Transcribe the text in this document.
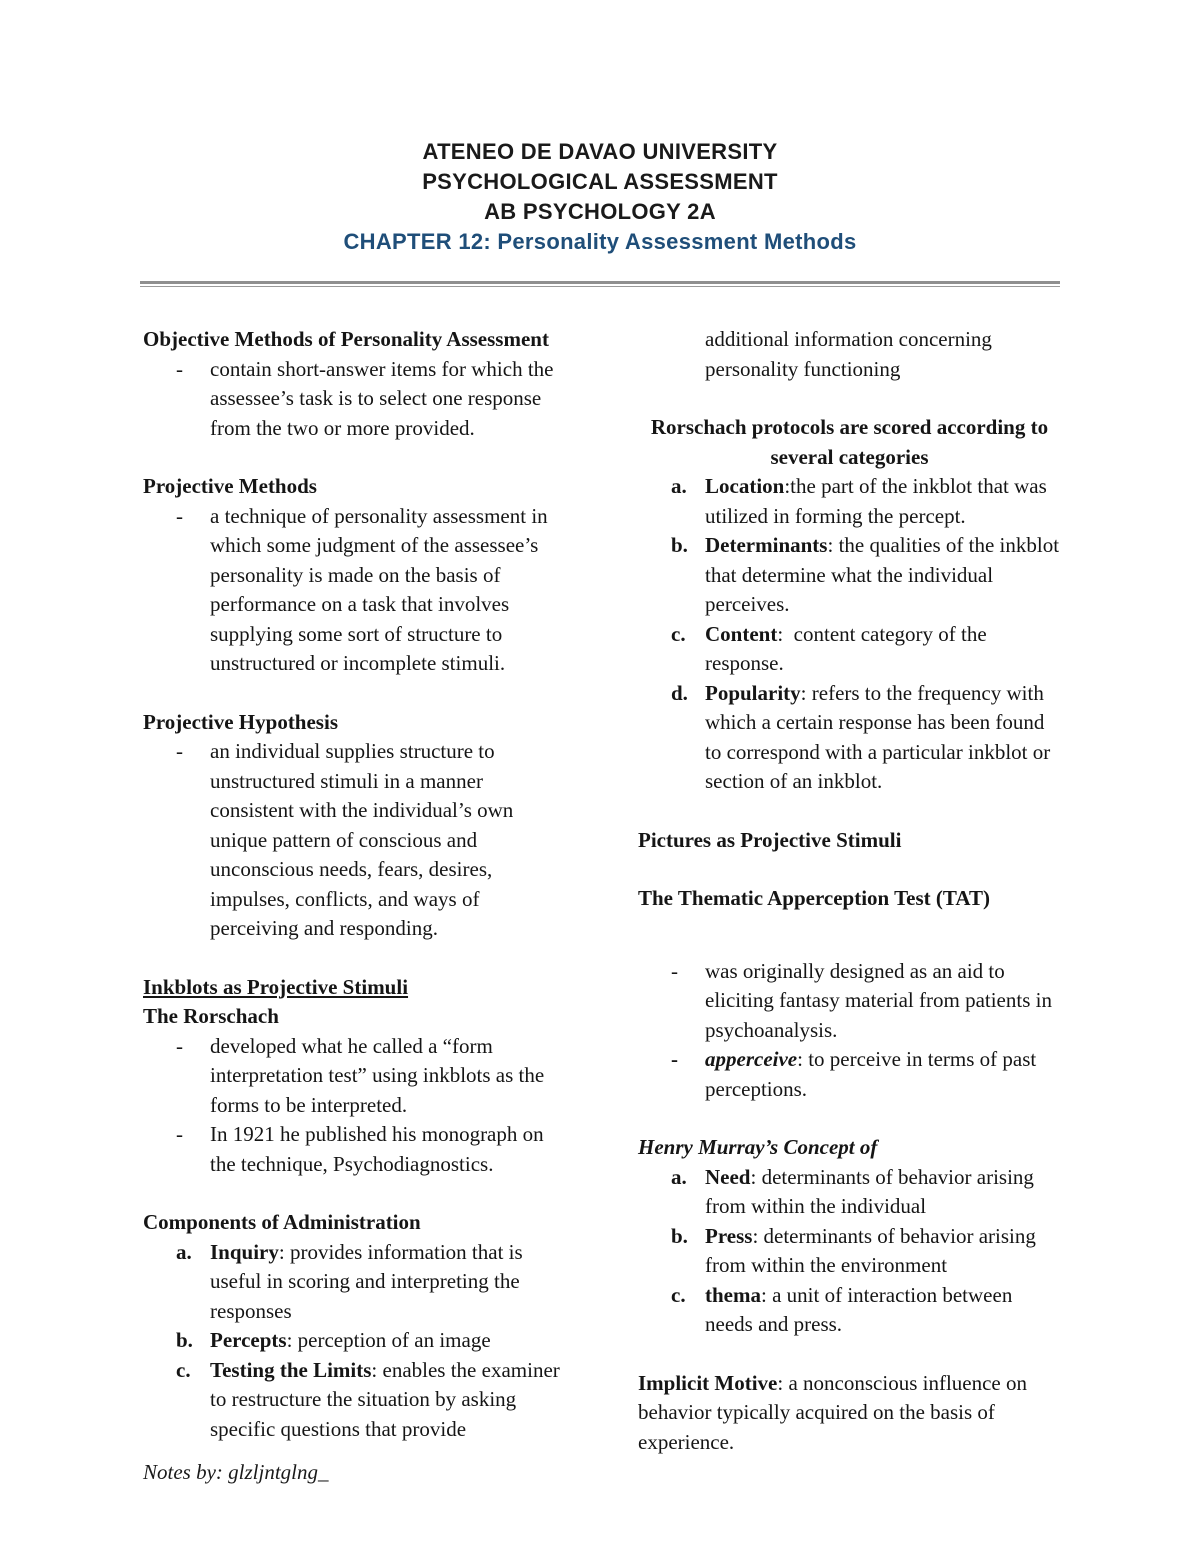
ATENEO DE DAVAO UNIVERSITY
PSYCHOLOGICAL ASSESSMENT
AB PSYCHOLOGY 2A
CHAPTER 12: Personality Assessment Methods
Objective Methods of Personality Assessment
- contain short-answer items for which the assessee’s task is to select one response from the two or more provided.
Projective Methods
- a technique of personality assessment in which some judgment of the assessee’s personality is made on the basis of performance on a task that involves supplying some sort of structure to unstructured or incomplete stimuli.
Projective Hypothesis
- an individual supplies structure to unstructured stimuli in a manner consistent with the individual’s own unique pattern of conscious and unconscious needs, fears, desires, impulses, conflicts, and ways of perceiving and responding.
Inkblots as Projective Stimuli
The Rorschach
- developed what he called a “form interpretation test” using inkblots as the forms to be interpreted.
- In 1921 he published his monograph on the technique, Psychodiagnostics.
Components of Administration
a. Inquiry: provides information that is useful in scoring and interpreting the responses
b. Percepts: perception of an image
c. Testing the Limits: enables the examiner to restructure the situation by asking specific questions that provide
additional information concerning personality functioning
Rorschach protocols are scored according to several categories
a. Location:the part of the inkblot that was utilized in forming the percept.
b. Determinants: the qualities of the inkblot that determine what the individual perceives.
c. Content:  content category of the response.
d. Popularity: refers to the frequency with which a certain response has been found to correspond with a particular inkblot or section of an inkblot.
Pictures as Projective Stimuli
The Thematic Apperception Test (TAT)
- was originally designed as an aid to eliciting fantasy material from patients in psychoanalysis.
- apperceive: to perceive in terms of past perceptions.
Henry Murray’s Concept of
a. Need: determinants of behavior arising from within the individual
b. Press: determinants of behavior arising from within the environment
c. thema: a unit of interaction between needs and press.
Implicit Motive: a nonconscious influence on behavior typically acquired on the basis of experience.
Notes by: glzljntglng_
